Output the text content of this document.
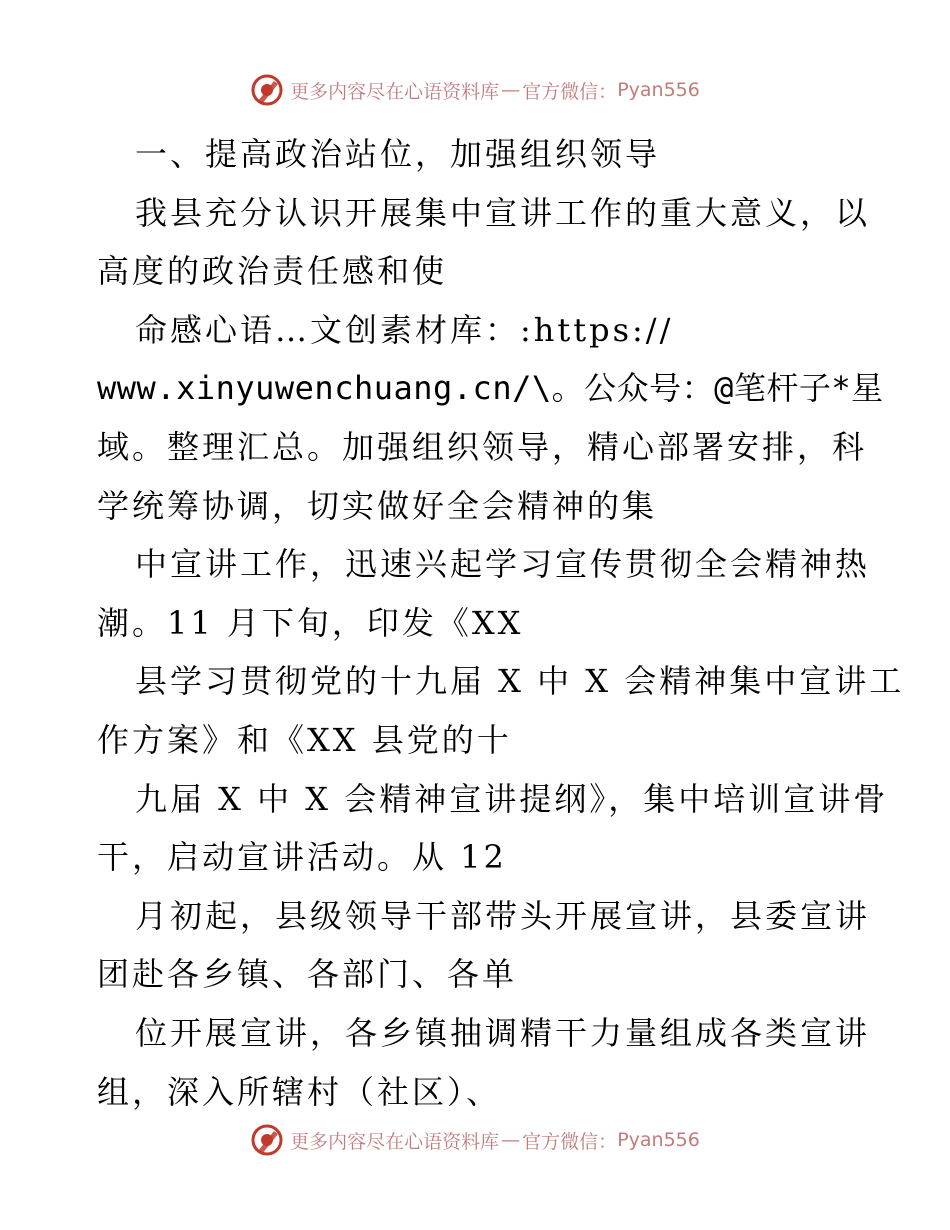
更多内容尽在心语资料库 — 官方微信： Pyan556
一、提高政治站位，加强组织领导
我县充分认识开展集中宣讲工作的重大意义，以
高度的政治责任感和使
命感心语…文创素材库：:https://
www.xinyuwenchuang.cn/\。公众号：@笔杆子*星
域。整理汇总。加强组织领导，精心部署安排，科
学统筹协调，切实做好全会精神的集
中宣讲工作，迅速兴起学习宣传贯彻全会精神热
潮。11 月下旬，印发《XX
县学习贯彻党的十九届 X 中 X 会精神集中宣讲工
作方案》和《XX 县党的十
九届 X 中 X 会精神宣讲提纲》，集中培训宣讲骨
干，启动宣讲活动。从 12
月初起，县级领导干部带头开展宣讲，县委宣讲
团赴各乡镇、各部门、各单
位开展宣讲，各乡镇抽调精干力量组成各类宣讲
组，深入所辖村（社区）、
更多内容尽在心语资料库 — 官方微信： Pyan556
